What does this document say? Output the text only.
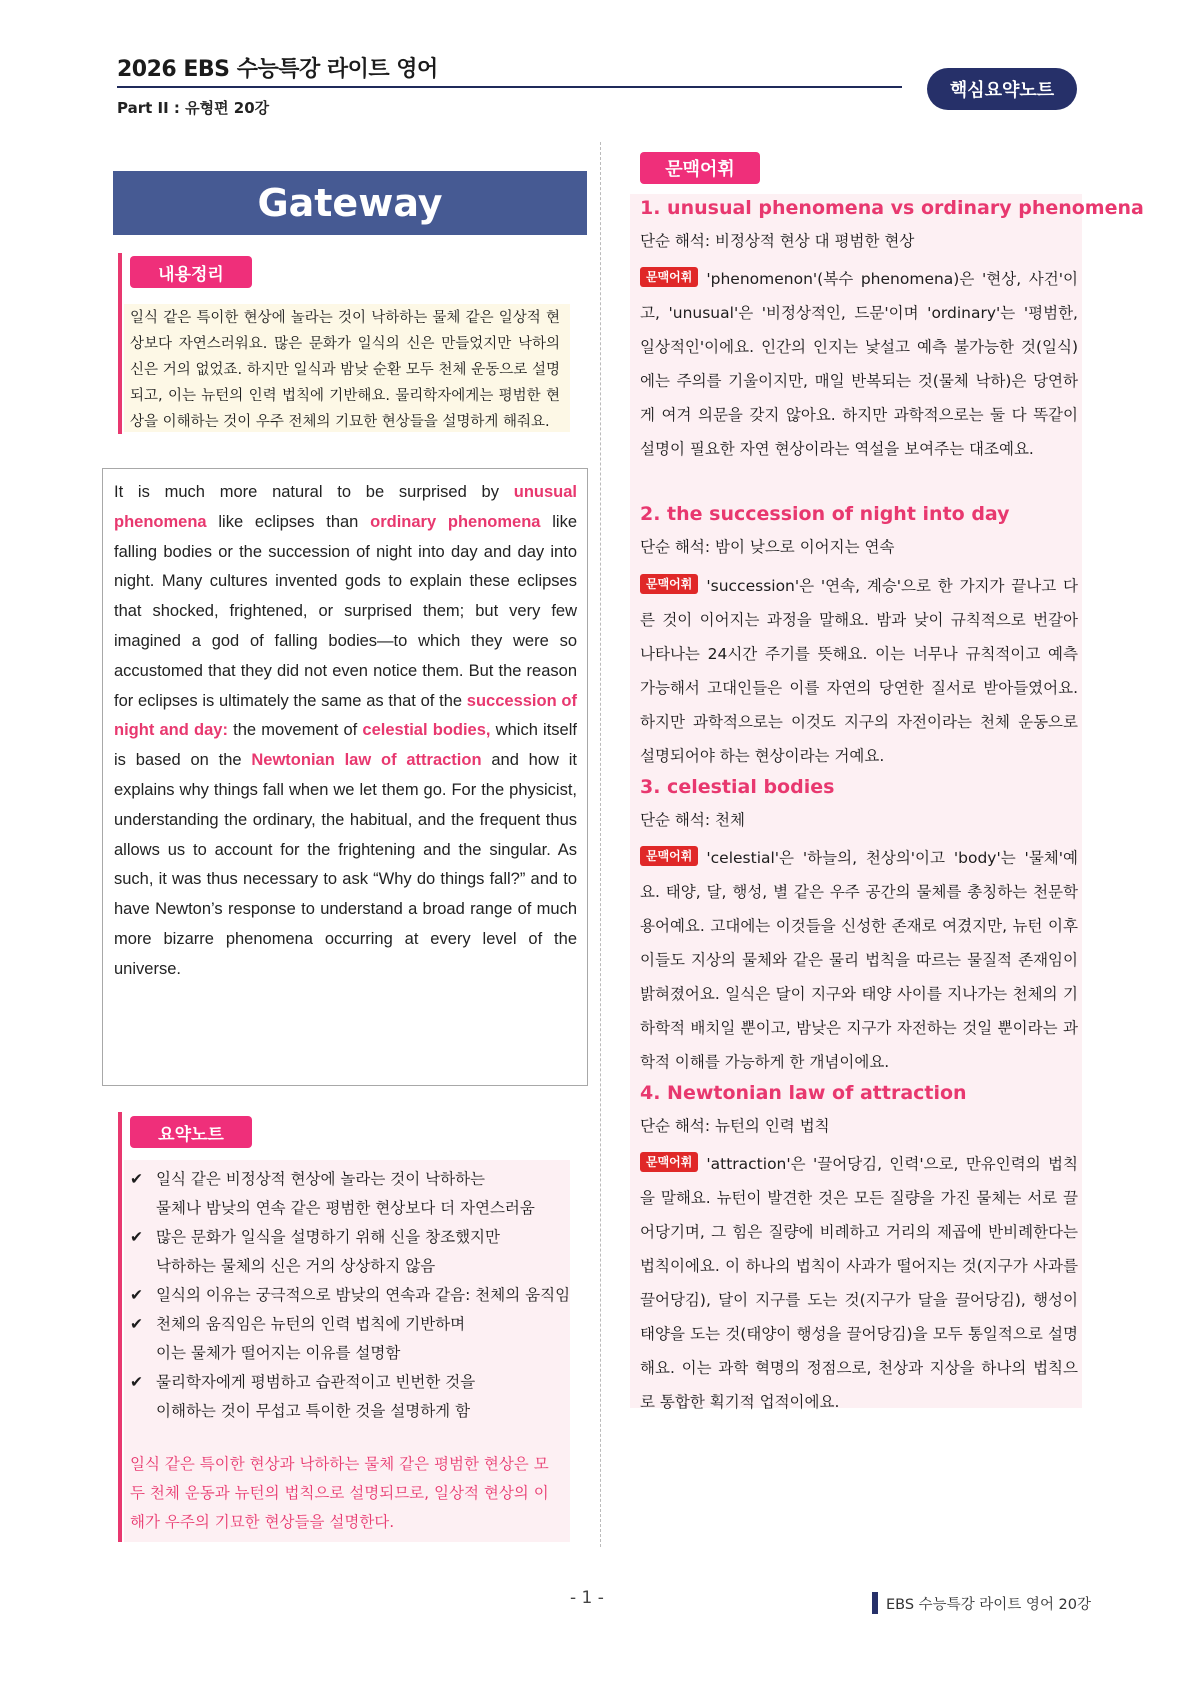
2026 EBS 수능특강 라이트 영어
Part II : 유형편 20강
핵심요약노트
Gateway
내용정리
일식 같은 특이한 현상에 놀라는 것이 낙하하는 물체 같은 일상적 현상보다 자연스러워요. 많은 문화가 일식의 신은 만들었지만 낙하의 신은 거의 없었죠. 하지만 일식과 밤낮 순환 모두 천체 운동으로 설명되고, 이는 뉴턴의 인력 법칙에 기반해요. 물리학자에게는 평범한 현상을 이해하는 것이 우주 전체의 기묘한 현상들을 설명하게 해줘요.
It is much more natural to be surprised by unusual phenomena like eclipses than ordinary phenomena like falling bodies or the succession of night into day and day into night. Many cultures invented gods to explain these eclipses that shocked, frightened, or surprised them; but very few imagined a god of falling bodies—to which they were so accustomed that they did not even notice them. But the reason for eclipses is ultimately the same as that of the succession of night and day: the movement of celestial bodies, which itself is based on the Newtonian law of attraction and how it explains why things fall when we let them go. For the physicist, understanding the ordinary, the habitual, and the frequent thus allows us to account for the frightening and the singular. As such, it was thus necessary to ask “Why do things fall?” and to have Newton’s response to understand a broad range of much more bizarre phenomena occurring at every level of the universe.
요약노트
✔ 일식 같은 비정상적 현상에 놀라는 것이 낙하하는
물체나 밤낮의 연속 같은 평범한 현상보다 더 자연스러움
✔ 많은 문화가 일식을 설명하기 위해 신을 창조했지만
낙하하는 물체의 신은 거의 상상하지 않음
✔ 일식의 이유는 궁극적으로 밤낮의 연속과 같음: 천체의 움직임
✔ 천체의 움직임은 뉴턴의 인력 법칙에 기반하며
이는 물체가 떨어지는 이유를 설명함
✔ 물리학자에게 평범하고 습관적이고 빈번한 것을
이해하는 것이 무섭고 특이한 것을 설명하게 함
일식 같은 특이한 현상과 낙하하는 물체 같은 평범한 현상은 모두 천체 운동과 뉴턴의 법칙으로 설명되므로, 일상적 현상의 이해가 우주의 기묘한 현상들을 설명한다.
문맥어휘
1. unusual phenomena vs ordinary phenomena
단순 해석: 비정상적 현상 대 평범한 현상
문맥어휘 'phenomenon'(복수 phenomena)은 '현상, 사건'이고, 'unusual'은 '비정상적인, 드문'이며 'ordinary'는 '평범한, 일상적인'이에요. 인간의 인지는 낯설고 예측 불가능한 것(일식)에는 주의를 기울이지만, 매일 반복되는 것(물체 낙하)은 당연하게 여겨 의문을 갖지 않아요. 하지만 과학적으로는 둘 다 똑같이 설명이 필요한 자연 현상이라는 역설을 보여주는 대조예요.
2. the succession of night into day
단순 해석: 밤이 낮으로 이어지는 연속
문맥어휘 'succession'은 '연속, 계승'으로 한 가지가 끝나고 다른 것이 이어지는 과정을 말해요. 밤과 낮이 규칙적으로 번갈아 나타나는 24시간 주기를 뜻해요. 이는 너무나 규칙적이고 예측 가능해서 고대인들은 이를 자연의 당연한 질서로 받아들였어요. 하지만 과학적으로는 이것도 지구의 자전이라는 천체 운동으로 설명되어야 하는 현상이라는 거예요.
3. celestial bodies
단순 해석: 천체
문맥어휘 'celestial'은 '하늘의, 천상의'이고 'body'는 '물체'예요. 태양, 달, 행성, 별 같은 우주 공간의 물체를 총칭하는 천문학 용어예요. 고대에는 이것들을 신성한 존재로 여겼지만, 뉴턴 이후 이들도 지상의 물체와 같은 물리 법칙을 따르는 물질적 존재임이 밝혀졌어요. 일식은 달이 지구와 태양 사이를 지나가는 천체의 기하학적 배치일 뿐이고, 밤낮은 지구가 자전하는 것일 뿐이라는 과학적 이해를 가능하게 한 개념이에요.
4. Newtonian law of attraction
단순 해석: 뉴턴의 인력 법칙
문맥어휘 'attraction'은 '끌어당김, 인력'으로, 만유인력의 법칙을 말해요. 뉴턴이 발견한 것은 모든 질량을 가진 물체는 서로 끌어당기며, 그 힘은 질량에 비례하고 거리의 제곱에 반비례한다는 법칙이에요. 이 하나의 법칙이 사과가 떨어지는 것(지구가 사과를 끌어당김), 달이 지구를 도는 것(지구가 달을 끌어당김), 행성이 태양을 도는 것(태양이 행성을 끌어당김)을 모두 통일적으로 설명해요. 이는 과학 혁명의 정점으로, 천상과 지상을 하나의 법칙으로 통합한 획기적 업적이에요.
- 1 -	EBS 수능특강 라이트 영어 20강
